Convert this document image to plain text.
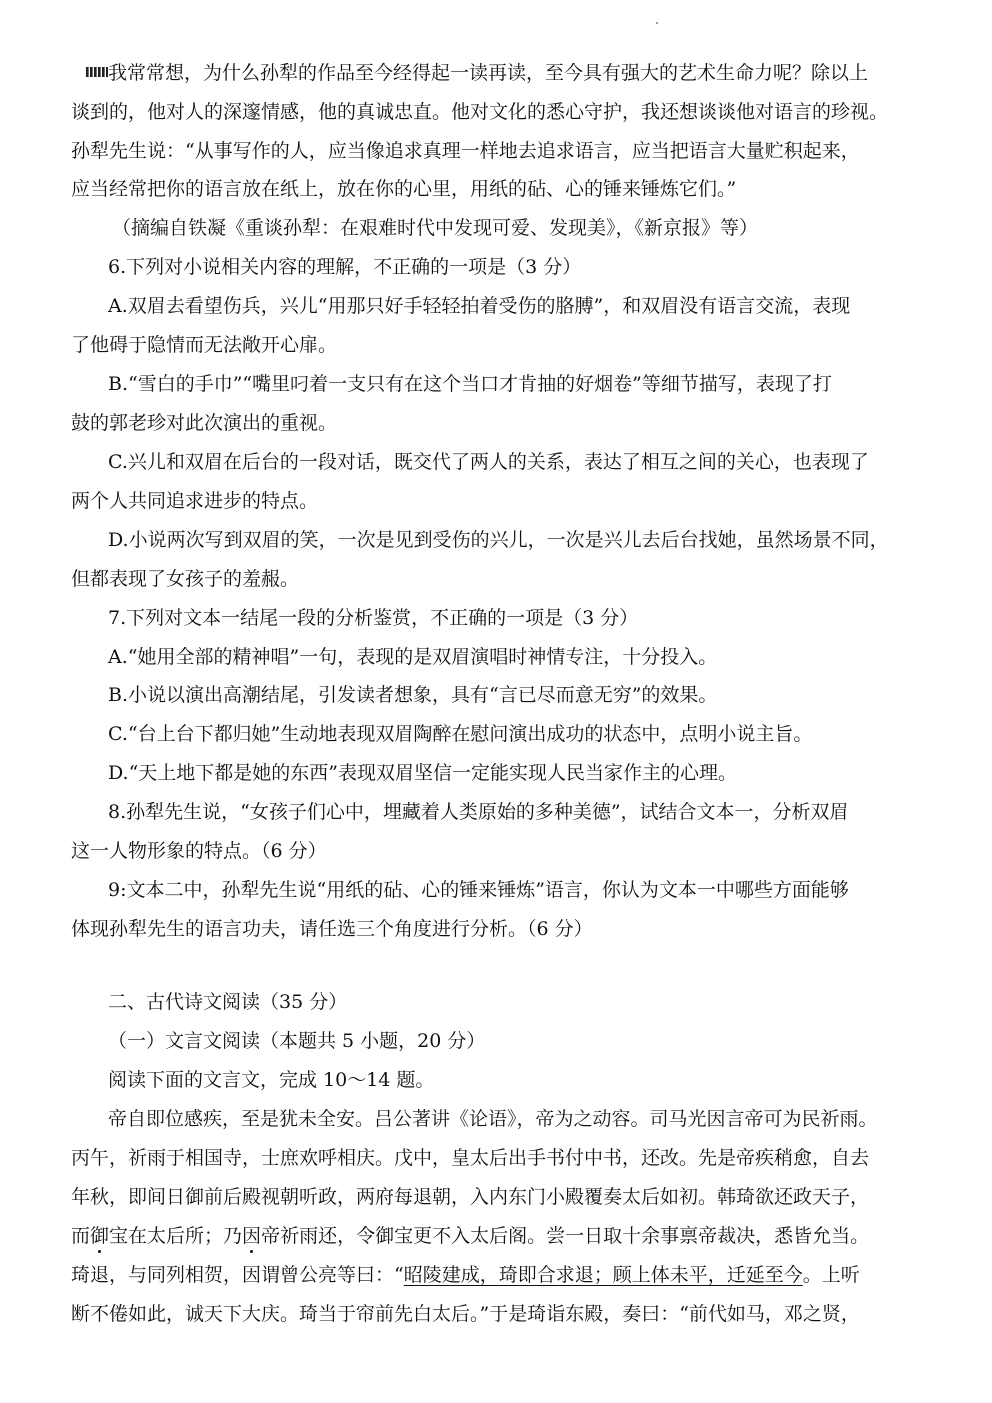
我常常想，为什么孙犁的作品至今经得起一读再读，至今具有强大的艺术生命力呢？除以上
谈到的，他对人的深邃情感，他的真诚忠直。他对文化的悉心守护，我还想谈谈他对语言的珍视。
孙犁先生说：“从事写作的人，应当像追求真理一样地去追求语言，应当把语言大量贮积起来，
应当经常把你的语言放在纸上，放在你的心里，用纸的砧、心的锤来锤炼它们。”
（摘编自铁凝《重谈孙犁：在艰难时代中发现可爱、发现美》，《新京报》等）
6.下列对小说相关内容的理解，不正确的一项是（3 分）
A.双眉去看望伤兵，兴儿“用那只好手轻轻拍着受伤的胳膊”，和双眉没有语言交流，表现
了他碍于隐情而无法敞开心扉。
B.“雪白的手巾”“嘴里叼着一支只有在这个当口才肯抽的好烟卷”等细节描写，表现了打
鼓的郭老珍对此次演出的重视。
C.兴儿和双眉在后台的一段对话，既交代了两人的关系，表达了相互之间的关心，也表现了
两个人共同追求进步的特点。
D.小说两次写到双眉的笑，一次是见到受伤的兴儿，一次是兴儿去后台找她，虽然场景不同，
但都表现了女孩子的羞赧。
7.下列对文本一结尾一段的分析鉴赏，不正确的一项是（3 分）
A.“她用全部的精神唱”一句，表现的是双眉演唱时神情专注，十分投入。
B.小说以演出高潮结尾，引发读者想象，具有“言已尽而意无穷”的效果。
C.“台上台下都归她”生动地表现双眉陶醉在慰问演出成功的状态中，点明小说主旨。
D.“天上地下都是她的东西”表现双眉坚信一定能实现人民当家作主的心理。
8.孙犁先生说，“女孩子们心中，埋藏着人类原始的多种美德”，试结合文本一，分析双眉
这一人物形象的特点。（6 分）
9:文本二中，孙犁先生说“用纸的砧、心的锤来锤炼”语言，你认为文本一中哪些方面能够
体现孙犁先生的语言功夫，请任选三个角度进行分析。（6 分）
二、古代诗文阅读（35 分）
（一）文言文阅读（本题共 5 小题，20 分）
阅读下面的文言文，完成 10～14 题。
帝自即位感疾，至是犹未全安。吕公著讲《论语》，帝为之动容。司马光因言帝可为民祈雨。
丙午，祈雨于相国寺，士庶欢呼相庆。戊中，皇太后出手书付中书，还改。先是帝疾稍愈，自去
年秋，即间日御前后殿视朝听政，两府每退朝，入内东门小殿覆奏太后如初。韩琦欲还政天子，
而御宝在太后所；乃因帝祈雨还，令御宝更不入太后阁。尝一日取十余事禀帝裁决，悉皆允当。
琦退，与同列相贺，因谓曾公亮等曰：“昭陵建成，琦即合求退；顾上体未平，迁延至今。上听
断不倦如此，诚天下大庆。琦当于帘前先白太后。”于是琦诣东殿，奏曰：“前代如马，邓之贤，
